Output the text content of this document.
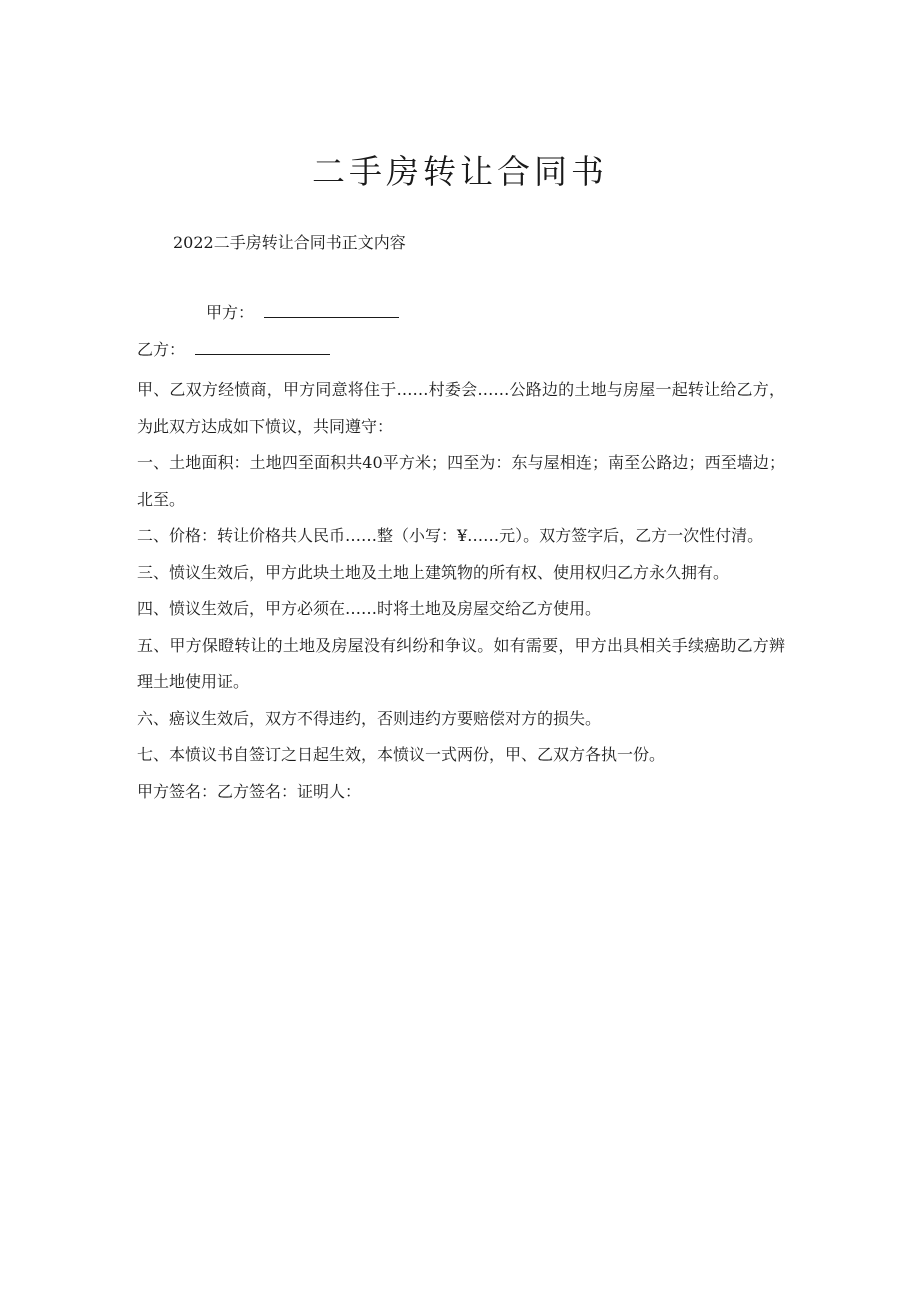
二手房转让合同书

2022二手房转让合同书正文内容

甲方：

乙方：

甲、乙双方经愤商，甲方同意将住于……村委会……公路边的土地与房屋一起转让给乙方，为此双方达成如下愤议，共同遵守：

一、土地面积：土地四至面积共40平方米；四至为：东与屋相连；南至公路边；西至墙边；北至。

二、价格：转让价格共人民币……整（小写：¥……元）。双方签字后，乙方一次性付清。

三、愤议生效后，甲方此块土地及土地上建筑物的所有权、使用权归乙方永久拥有。

四、愤议生效后，甲方必须在……时将土地及房屋交给乙方使用。

五、甲方保瞪转让的土地及房屋没有纠纷和争议。如有需要，甲方出具相关手续癌助乙方辨理土地使用证。

六、癌议生效后，双方不得违约，否则违约方要赔偿对方的损失。

七、本愤议书自签订之日起生效，本愤议一式两份，甲、乙双方各执一份。

甲方签名：乙方签名：证明人：
